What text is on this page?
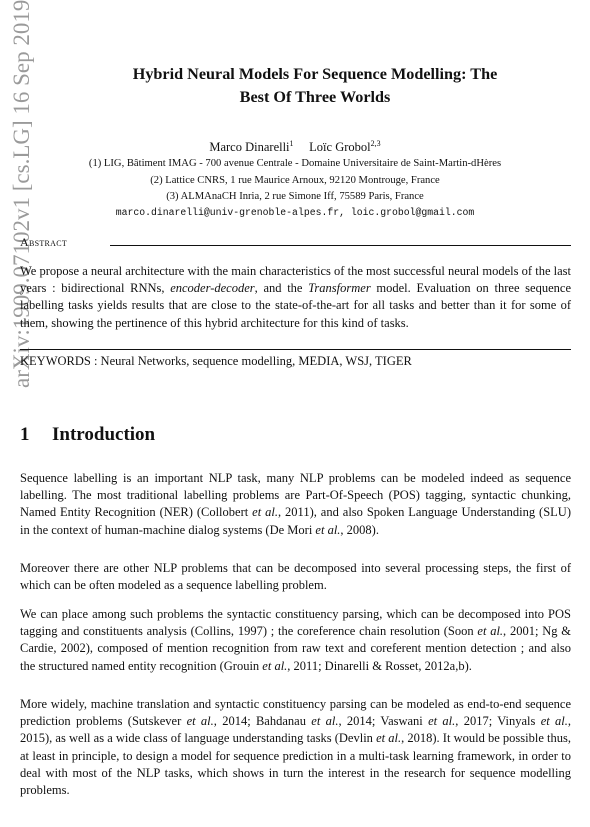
arXiv:1909.07102v1 [cs.LG] 16 Sep 2019	Hybrid Neural Models For Sequence Modelling: The
Best Of Three Worlds
Marco Dinarelli$^1$ Loïc Grobol$^{2,3}$
(1) LIG, Bâtiment IMAG - 700 avenue Centrale - Domaine Universitaire de Saint-Martin-dHères
(2) Lattice CNRS, 1 rue Maurice Arnoux, 92120 Montrouge, France
(3) ALMAnaCH Inria, 2 rue Simone Iff, 75589 Paris, France
marco.dinarelli@univ-grenoble-alpes.fr, loic.grobol@gmail.com
Abstract
We propose a neural architecture with the main characteristics of the most successful neural models of the last years : bidirectional RNNs, encoder-decoder, and the Transformer model. Evaluation on three sequence labelling tasks yields results that are close to the state-of-the-art for all tasks and better than it for some of them, showing the pertinence of this hybrid architecture for this kind of tasks.
KEYWORDS : Neural Networks, sequence modelling, MEDIA, WSJ, TIGER
1 Introduction
Sequence labelling is an important NLP task, many NLP problems can be modeled indeed as sequence labelling. The most traditional labelling problems are Part-Of-Speech (POS) tagging, syntactic chunking, Named Entity Recognition (NER) (Collobert et al., 2011), and also Spoken Language Understanding (SLU) in the context of human-machine dialog systems (De Mori et al., 2008).
Moreover there are other NLP problems that can be decomposed into several processing steps, the first of which can be often modeled as a sequence labelling problem.
We can place among such problems the syntactic constituency parsing, which can be decomposed into POS tagging and constituents analysis (Collins, 1997) ; the coreference chain resolution (Soon et al., 2001; Ng & Cardie, 2002), composed of mention recognition from raw text and coreferent mention detection ; and also the structured named entity recognition (Grouin et al., 2011; Dinarelli & Rosset, 2012a,b).
More widely, machine translation and syntactic constituency parsing can be modeled as end-to-end sequence prediction problems (Sutskever et al., 2014; Bahdanau et al., 2014; Vaswani et al., 2017; Vinyals et al., 2015), as well as a wide class of language understanding tasks (Devlin et al., 2018). It would be possible thus, at least in principle, to design a model for sequence prediction in a multi-task learning framework, in order to deal with most of the NLP tasks, which shows in turn the interest in the research for sequence modelling problems.
